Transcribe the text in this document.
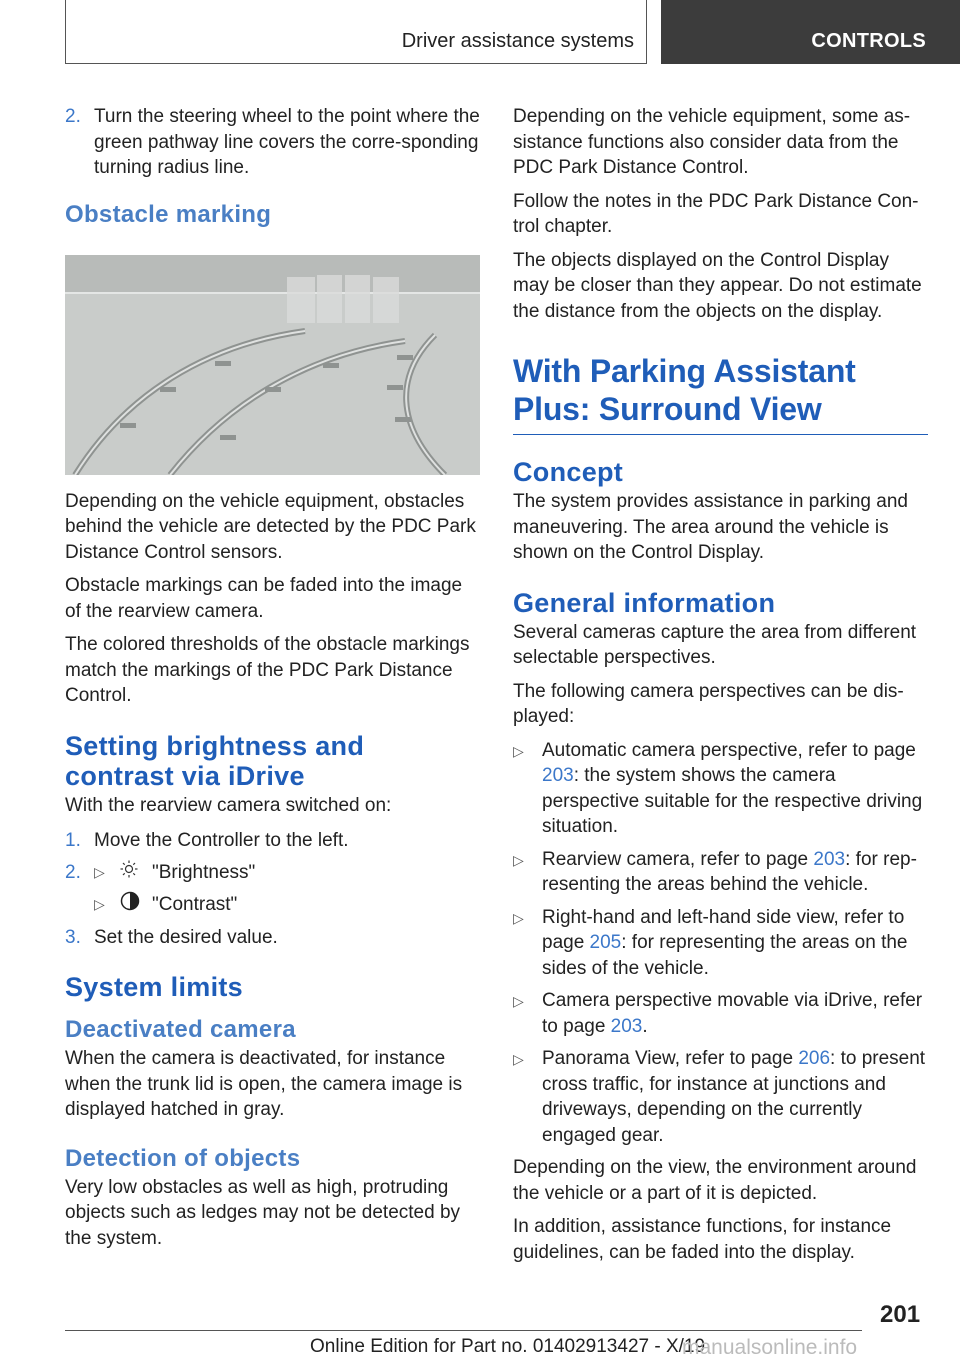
Driver assistance systems	CONTROLS
2. Turn the steering wheel to the point where the green pathway line covers the corre-sponding turning radius line.
Obstacle marking

Depending on the vehicle equipment, obstacles behind the vehicle are detected by the PDC Park Distance Control sensors.

Obstacle markings can be faded into the image of the rearview camera.

The colored thresholds of the obstacle markings match the markings of the PDC Park Distance Control.

Setting brightness and contrast via iDrive

With the rearview camera switched on:

1. Move the Controller to the left.
2. ▷	"Brightness"
▷	"Contrast"
3. Set the desired value.
System limits
Deactivated camera

When the camera is deactivated, for instance when the trunk lid is open, the camera image is displayed hatched in gray.

Detection of objects

Very low obstacles as well as high, protruding objects such as ledges may not be detected by the system.

Depending on the vehicle equipment, some as-sistance functions also consider data from the PDC Park Distance Control.

Follow the notes in the PDC Park Distance Con-trol chapter.

The objects displayed on the Control Display may be closer than they appear. Do not estimate the distance from the objects on the display.

With Parking Assistant Plus: Surround View
Concept

The system provides assistance in parking and maneuvering. The area around the vehicle is shown on the Control Display.

General information

Several cameras capture the area from different selectable perspectives.

The following camera perspectives can be dis-played:

▷ Automatic camera perspective, refer to page 203: the system shows the camera perspective suitable for the respective driving situation.
▷ Rearview camera, refer to page 203: for rep-resenting the areas behind the vehicle.
▷ Right-hand and left-hand side view, refer to page 205: for representing the areas on the sides of the vehicle.
▷ Camera perspective movable via iDrive, refer to page 203.
▷ Panorama View, refer to page 206: to present cross traffic, for instance at junctions and driveways, depending on the currently engaged gear.

Depending on the view, the environment around the vehicle or a part of it is depicted.

In addition, assistance functions, for instance guidelines, can be faded into the display.

201
Online Edition for Part no. 01402913427 - X/19
manualsonline.info
